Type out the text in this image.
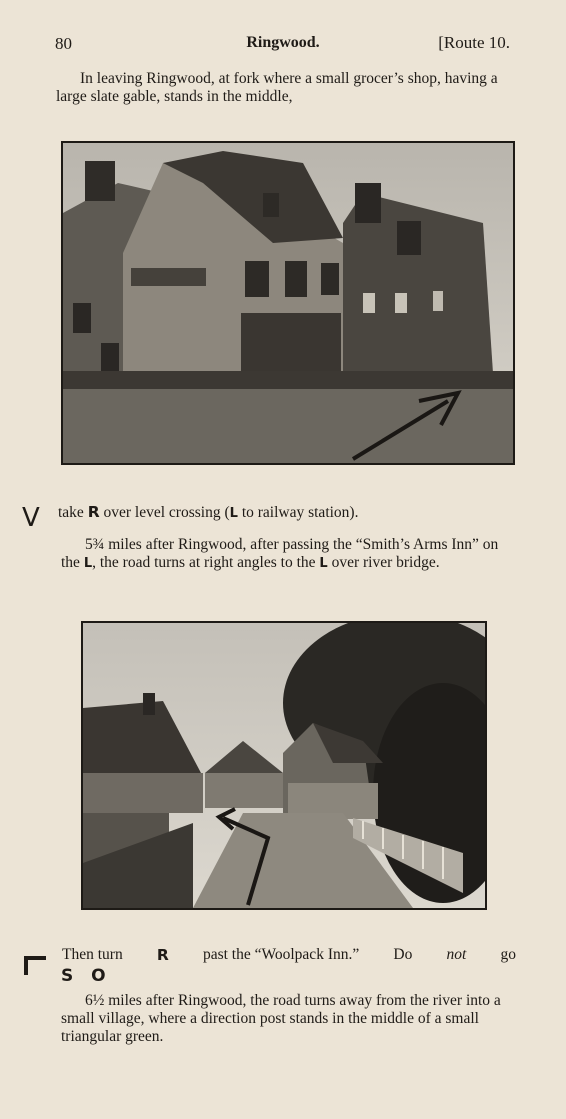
80	Ringwood.	[Route 10.
In leaving Ringwood, at fork where a small grocer’s shop, having a large slate gable, stands in the middle,
V take R over level crossing (L to railway station).
5¾ miles after Ringwood, after passing the “Smith’s Arms Inn” on the L, the road turns at right angles to the L over river bridge.
Then turn R past the “Woolpack Inn.” Do not go
S O
6½ miles after Ringwood, the road turns away from the river into a small village, where a direction post stands in the middle of a small triangular green.
